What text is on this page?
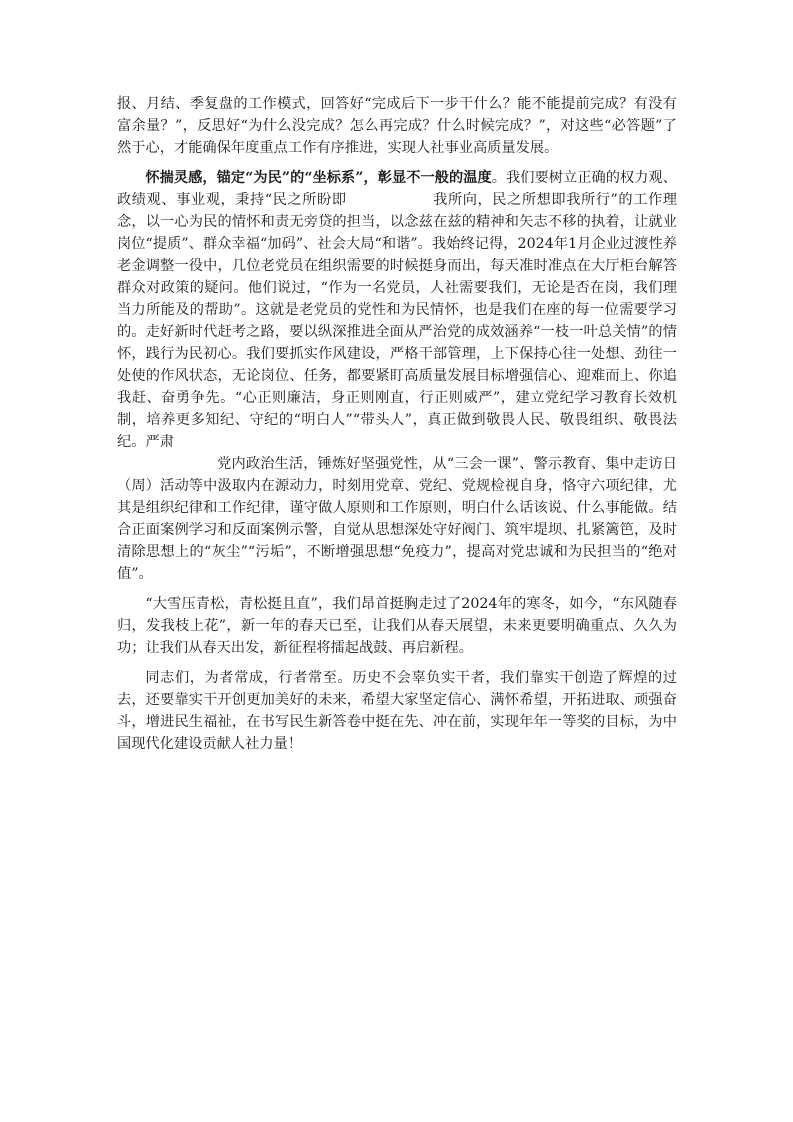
报、月结、季复盘的工作模式，回答好“完成后下一步干什么？能不能提前完成？有没有富余量？”，反思好“为什么没完成？怎么再完成？什么时候完成？”，对这些“必答题”了然于心，才能确保年度重点工作有序推进，实现人社事业高质量发展。

怀揣灵感，锚定“为民”的“坐标系”，彰显不一般的温度。我们要树立正确的权力观、政绩观、事业观，秉持“民之所盼即	我所向，民之所想即我所行”的工作理念，以一心为民的情怀和责无旁贷的担当，以念兹在兹的精神和矢志不移的执着，让就业岗位“提质”、群众幸福“加码”、社会大局“和谐”。我始终记得，2024年1月企业过渡性养老金调整一役中，几位老党员在组织需要的时候挺身而出，每天准时准点在大厅柜台解答群众对政策的疑问。他们说过，“作为一名党员，人社需要我们，无论是否在岗，我们理当力所能及的帮助”。这就是老党员的党性和为民情怀，也是我们在座的每一位需要学习的。走好新时代赶考之路，要以纵深推进全面从严治党的成效涵养“一枝一叶总关情”的情怀，践行为民初心。我们要抓实作风建设，严格干部管理，上下保持心往一处想、劲往一处使的作风状态，无论岗位、任务，都要紧盯高质量发展目标增强信心、迎难而上、你追我赶、奋勇争先。“心正则廉洁，身正则刚直，行正则威严”，建立党纪学习教育长效机制，培养更多知纪、守纪的“明白人”“带头人”，真正做到敬畏人民、敬畏组织、敬畏法纪。严肃
党内政治生活，锤炼好坚强党性，从“三会一课”、警示教育、集中走访日（周）活动等中汲取内在源动力，时刻用党章、党纪、党规检视自身，恪守六项纪律，尤其是组织纪律和工作纪律，谨守做人原则和工作原则，明白什么话该说、什么事能做。结合正面案例学习和反面案例示警，自觉从思想深处守好阀门、筑牢堤坝、扎紧篱笆，及时清除思想上的“灰尘”“污垢”，不断增强思想“免疫力”，提高对党忠诚和为民担当的“绝对值”。

“大雪压青松，青松挺且直”，我们昂首挺胸走过了2024年的寒冬，如今，“东风随春归，发我枝上花”，新一年的春天已至，让我们从春天展望，未来更要明确重点、久久为功；让我们从春天出发，新征程将擂起战鼓、再启新程。

同志们，为者常成，行者常至。历史不会辜负实干者，我们靠实干创造了辉煌的过去，还要靠实干开创更加美好的未来，希望大家坚定信心、满怀希望，开拓进取、顽强奋斗，增进民生福祉，在书写民生新答卷中挺在先、冲在前，实现年年一等奖的目标，为中国现代化建设贡献人社力量！
